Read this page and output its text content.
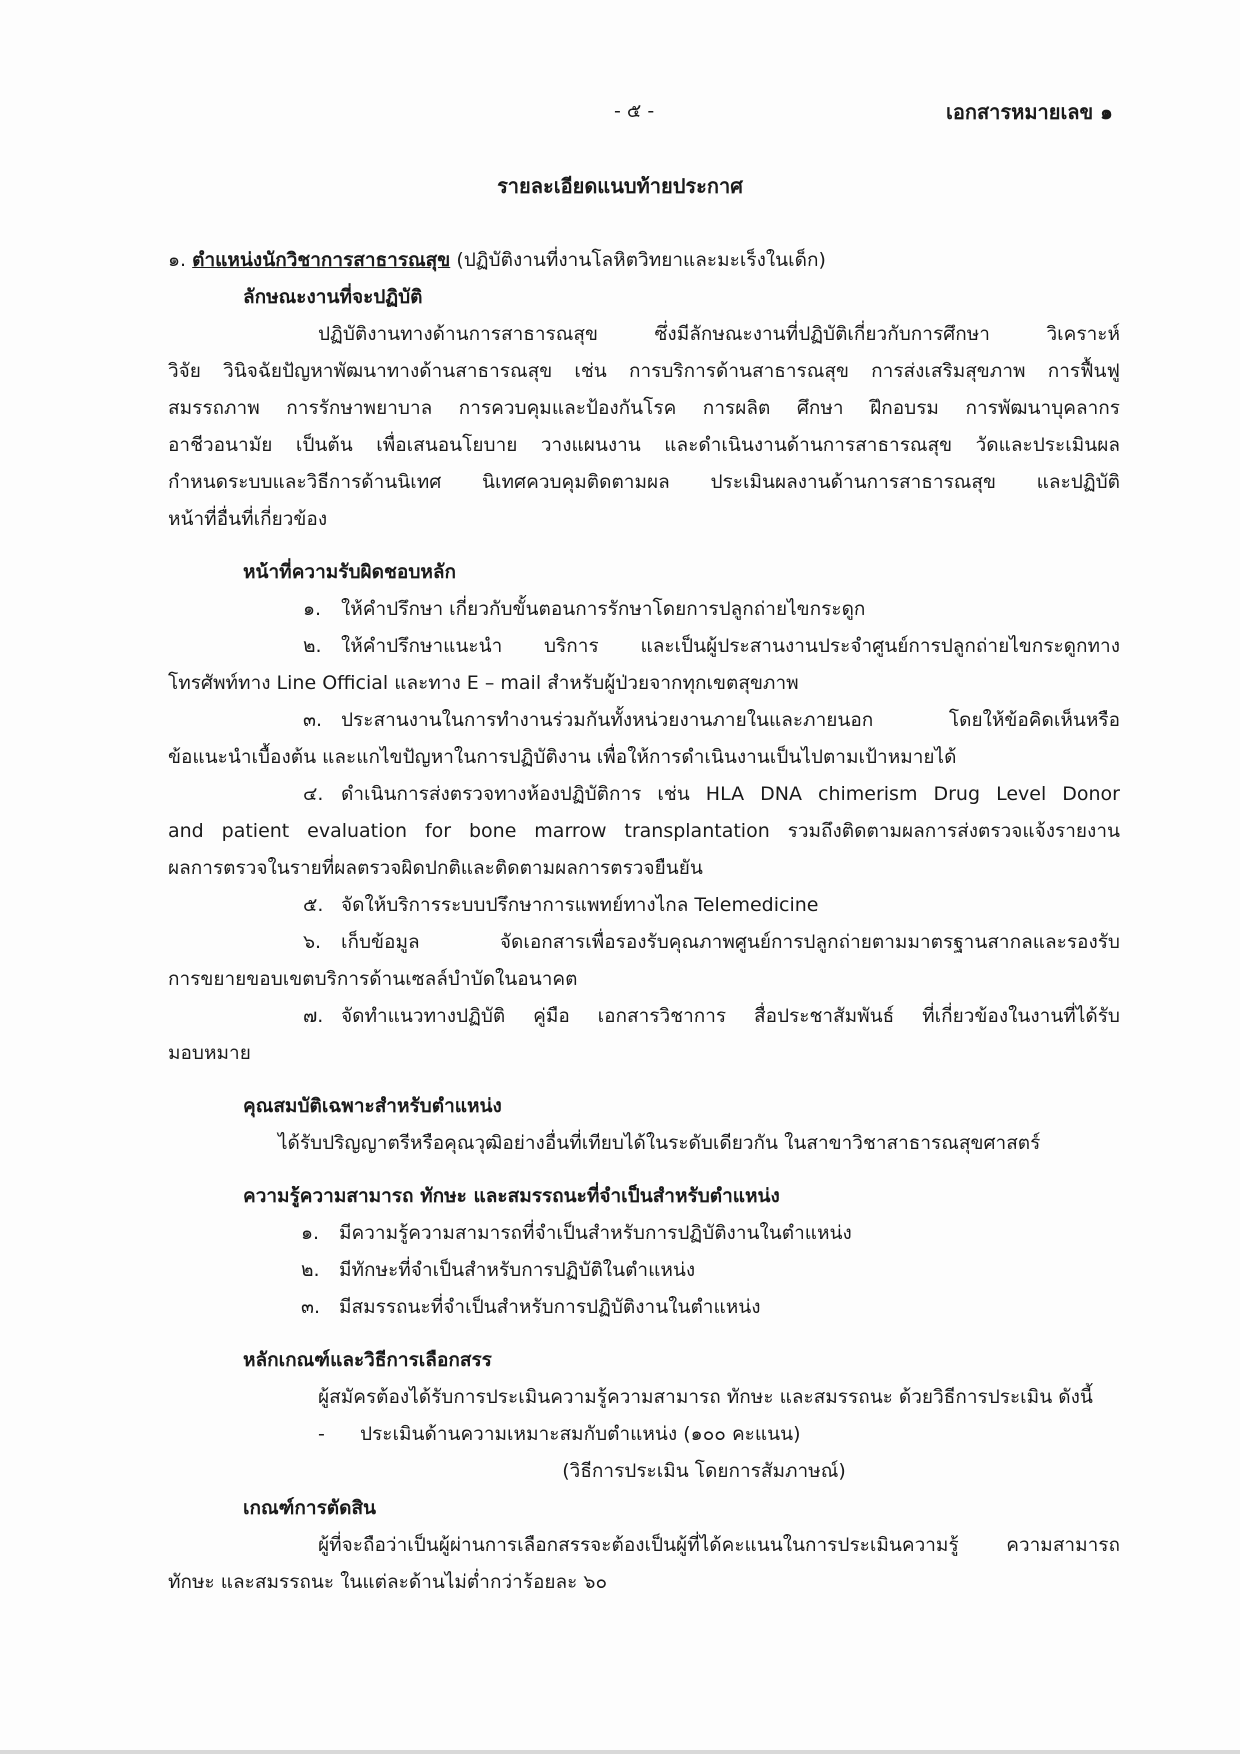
- ๕ -	เอกสารหมายเลข ๑
รายละเอียดแนบท้ายประกาศ
๑. ตำแหน่งนักวิชาการสาธารณสุข (ปฏิบัติงานที่งานโลหิตวิทยาและมะเร็งในเด็ก)
ลักษณะงานที่จะปฏิบัติ
ปฏิบัติงานทางด้านการสาธารณสุข ซึ่งมีลักษณะงานที่ปฏิบัติเกี่ยวกับการศึกษา วิเคราะห์
วิจัย วินิจฉัยปัญหาพัฒนาทางด้านสาธารณสุข เช่น การบริการด้านสาธารณสุข การส่งเสริมสุขภาพ การฟื้นฟู
สมรรถภาพ การรักษาพยาบาล การควบคุมและป้องกันโรค การผลิต ศึกษา ฝึกอบรม การพัฒนาบุคลากร
อาชีวอนามัย เป็นต้น เพื่อเสนอนโยบาย วางแผนงาน และดำเนินงานด้านการสาธารณสุข วัดและประเมินผล
กำหนดระบบและวิธีการด้านนิเทศ นิเทศควบคุมติดตามผล ประเมินผลงานด้านการสาธารณสุข และปฏิบัติ
หน้าที่อื่นที่เกี่ยวข้อง
หน้าที่ความรับผิดชอบหลัก
๑. ให้คำปรึกษา เกี่ยวกับขั้นตอนการรักษาโดยการปลูกถ่ายไขกระดูก
๒. ให้คำปรึกษาแนะนำ บริการ และเป็นผู้ประสานงานประจำศูนย์การปลูกถ่ายไขกระดูกทาง
โทรศัพท์ทาง Line Official และทาง E – mail สำหรับผู้ป่วยจากทุกเขตสุขภาพ
๓. ประสานงานในการทำงานร่วมกันทั้งหน่วยงานภายในและภายนอก โดยให้ข้อคิดเห็นหรือ
ข้อแนะนำเบื้องต้น และแกไขปัญหาในการปฏิบัติงาน เพื่อให้การดำเนินงานเป็นไปตามเป้าหมายได้
๔. ดำเนินการส่งตรวจทางห้องปฏิบัติการ เช่น HLA DNA chimerism Drug Level Donor
and patient evaluation for bone marrow transplantation รวมถึงติดตามผลการส่งตรวจแจ้งรายงาน
ผลการตรวจในรายที่ผลตรวจผิดปกติและติดตามผลการตรวจยืนยัน
๕. จัดให้บริการระบบปรึกษาการแพทย์ทางไกล Telemedicine
๖. เก็บข้อมูล จัดเอกสารเพื่อรองรับคุณภาพศูนย์การปลูกถ่ายตามมาตรฐานสากลและรองรับ
การขยายขอบเขตบริการด้านเซลล์บำบัดในอนาคต
๗. จัดทำแนวทางปฏิบัติ คู่มือ เอกสารวิชาการ สื่อประชาสัมพันธ์ ที่เกี่ยวข้องในงานที่ได้รับ
มอบหมาย
คุณสมบัติเฉพาะสำหรับตำแหน่ง
ได้รับปริญญาตรีหรือคุณวุฒิอย่างอื่นที่เทียบได้ในระดับเดียวกัน ในสาขาวิชาสาธารณสุขศาสตร์
ความรู้ความสามารถ ทักษะ และสมรรถนะที่จำเป็นสำหรับตำแหน่ง
๑. มีความรู้ความสามารถที่จำเป็นสำหรับการปฏิบัติงานในตำแหน่ง
๒. มีทักษะที่จำเป็นสำหรับการปฏิบัติในตำแหน่ง
๓. มีสมรรถนะที่จำเป็นสำหรับการปฏิบัติงานในตำแหน่ง
หลักเกณฑ์และวิธีการเลือกสรร
ผู้สมัครต้องได้รับการประเมินความรู้ความสามารถ ทักษะ และสมรรถนะ ด้วยวิธีการประเมิน ดังนี้
- ประเมินด้านความเหมาะสมกับตำแหน่ง (๑๐๐ คะแนน)
(วิธีการประเมิน โดยการสัมภาษณ์)
เกณฑ์การตัดสิน
ผู้ที่จะถือว่าเป็นผู้ผ่านการเลือกสรรจะต้องเป็นผู้ที่ได้คะแนนในการประเมินความรู้ ความสามารถ
ทักษะ และสมรรถนะ ในแต่ละด้านไม่ต่ำกว่าร้อยละ ๖๐
